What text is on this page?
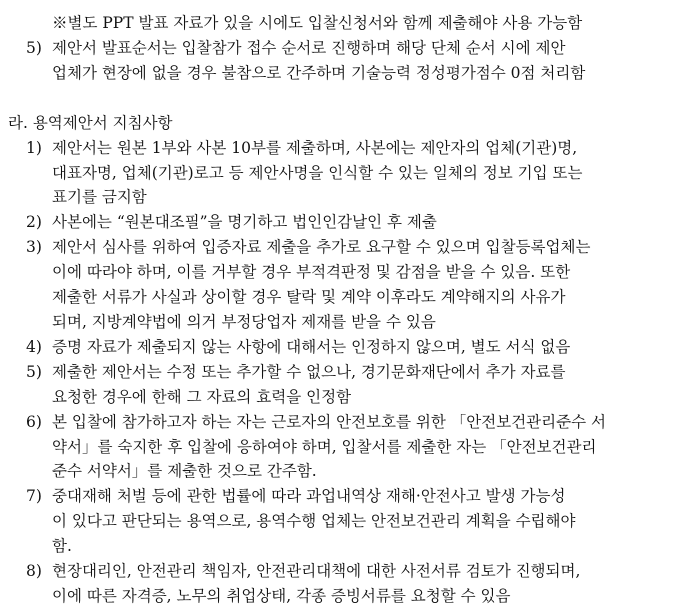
※별도 PPT 발표 자료가 있을 시에도 입찰신청서와 함께 제출해야 사용 가능함
5) 제안서 발표순서는 입찰참가 접수 순서로 진행하며 해당 단체 순서 시에 제안
업체가 현장에 없을 경우 불참으로 간주하며 기술능력 정성평가점수 0점 처리함
라. 용역제안서 지침사항
1) 제안서는 원본 1부와 사본 10부를 제출하며, 사본에는 제안자의 업체(기관)명,
대표자명, 업체(기관)로고 등 제안사명을 인식할 수 있는 일체의 정보 기입 또는
표기를 금지함
2) 사본에는 “원본대조필”을 명기하고 법인인감날인 후 제출
3) 제안서 심사를 위하여 입증자료 제출을 추가로 요구할 수 있으며 입찰등록업체는
이에 따라야 하며, 이를 거부할 경우 부적격판정 및 감점을 받을 수 있음. 또한
제출한 서류가 사실과 상이할 경우 탈락 및 계약 이후라도 계약해지의 사유가
되며, 지방계약법에 의거 부정당업자 제재를 받을 수 있음
4) 증명 자료가 제출되지 않는 사항에 대해서는 인정하지 않으며, 별도 서식 없음
5) 제출한 제안서는 수정 또는 추가할 수 없으나, 경기문화재단에서 추가 자료를
요청한 경우에 한해 그 자료의 효력을 인정함
6) 본 입찰에 참가하고자 하는 자는 근로자의 안전보호를 위한 「안전보건관리준수 서
약서」를 숙지한 후 입찰에 응하여야 하며, 입찰서를 제출한 자는 「안전보건관리
준수 서약서」를 제출한 것으로 간주함.
7) 중대재해 처벌 등에 관한 법률에 따라 과업내역상 재해·안전사고 발생 가능성
이 있다고 판단되는 용역으로, 용역수행 업체는 안전보건관리 계획을 수립해야
함.
8) 현장대리인, 안전관리 책임자, 안전관리대책에 대한 사전서류 검토가 진행되며,
이에 따른 자격증, 노무의 취업상태, 각종 증빙서류를 요청할 수 있음
